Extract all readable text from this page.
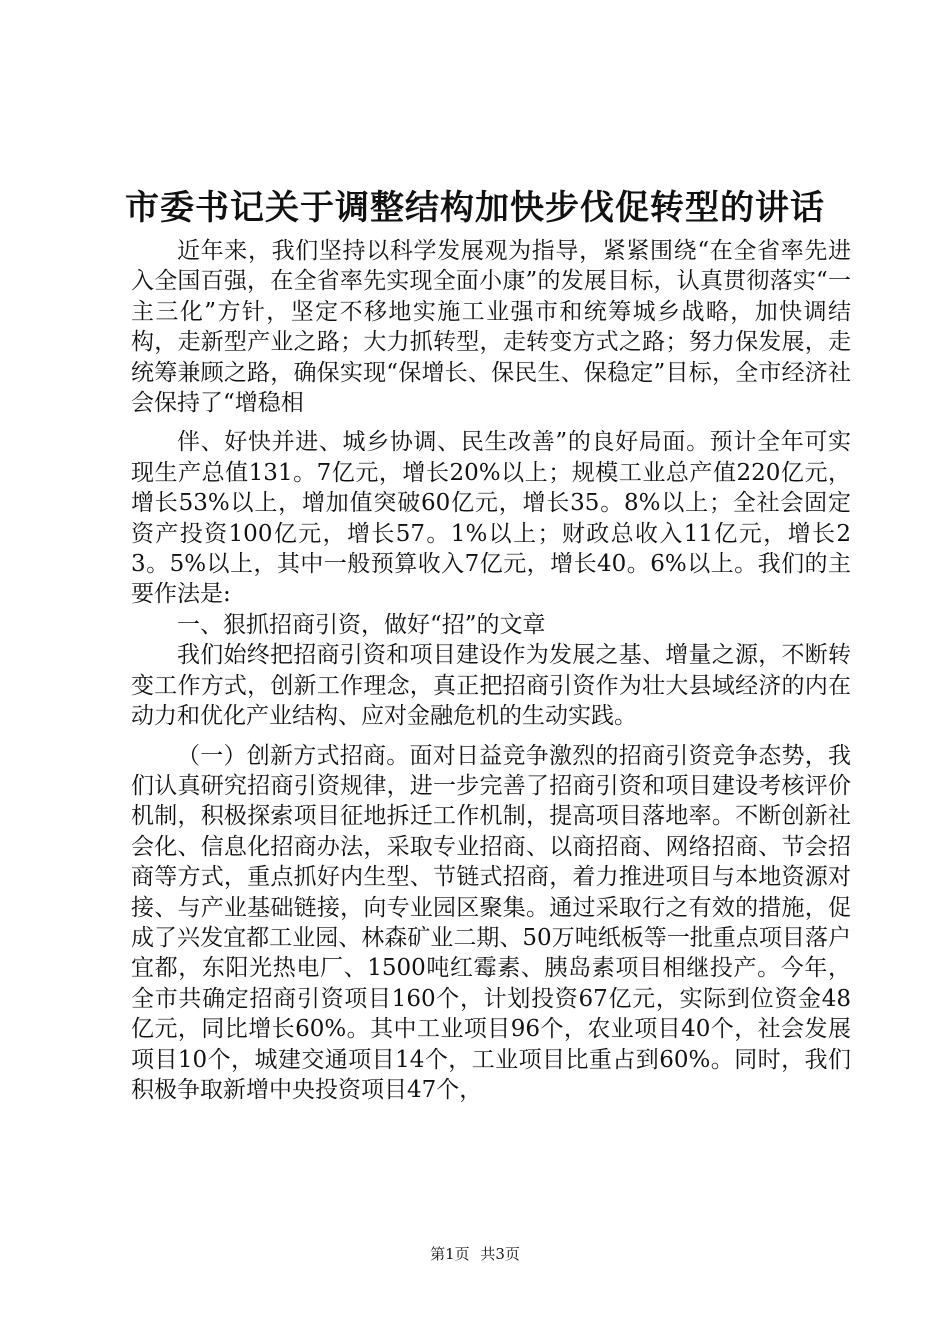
市委书记关于调整结构加快步伐促转型的讲话

近年来，我们坚持以科学发展观为指导，紧紧围绕“在全省率先进入全国百强，在全省率先实现全面小康”的发展目标，认真贯彻落实“一主三化”方针，坚定不移地实施工业强市和统筹城乡战略，加快调结构，走新型产业之路；大力抓转型，走转变方式之路；努力保发展，走统筹兼顾之路，确保实现“保增长、保民生、保稳定”目标，全市经济社会保持了“增稳相

伴、好快并进、城乡协调、民生改善”的良好局面。预计全年可实现生产总值131。7亿元，增长20%以上；规模工业总产值220亿元，增长53%以上，增加值突破60亿元，增长35。8%以上；全社会固定资产投资100亿元，增长57。1%以上；财政总收入11亿元，增长23。5%以上，其中一般预算收入7亿元，增长40。6%以上。我们的主要作法是:

一、狠抓招商引资，做好“招”的文章

我们始终把招商引资和项目建设作为发展之基、增量之源，不断转变工作方式，创新工作理念，真正把招商引资作为壮大县域经济的内在动力和优化产业结构、应对金融危机的生动实践。

（一）创新方式招商。面对日益竞争激烈的招商引资竞争态势，我们认真研究招商引资规律，进一步完善了招商引资和项目建设考核评价机制，积极探索项目征地拆迁工作机制，提高项目落地率。不断创新社会化、信息化招商办法，采取专业招商、以商招商、网络招商、节会招商等方式，重点抓好内生型、节链式招商，着力推进项目与本地资源对接、与产业基础链接，向专业园区聚集。通过采取行之有效的措施，促成了兴发宜都工业园、林森矿业二期、50万吨纸板等一批重点项目落户宜都，东阳光热电厂、1500吨红霉素、胰岛素项目相继投产。今年，全市共确定招商引资项目160个，计划投资67亿元，实际到位资金48亿元，同比增长60%。其中工业项目96个，农业项目40个，社会发展项目10个，城建交通项目14个，工业项目比重占到60%。同时，我们积极争取新增中央投资项目47个，

第1页 共3页
